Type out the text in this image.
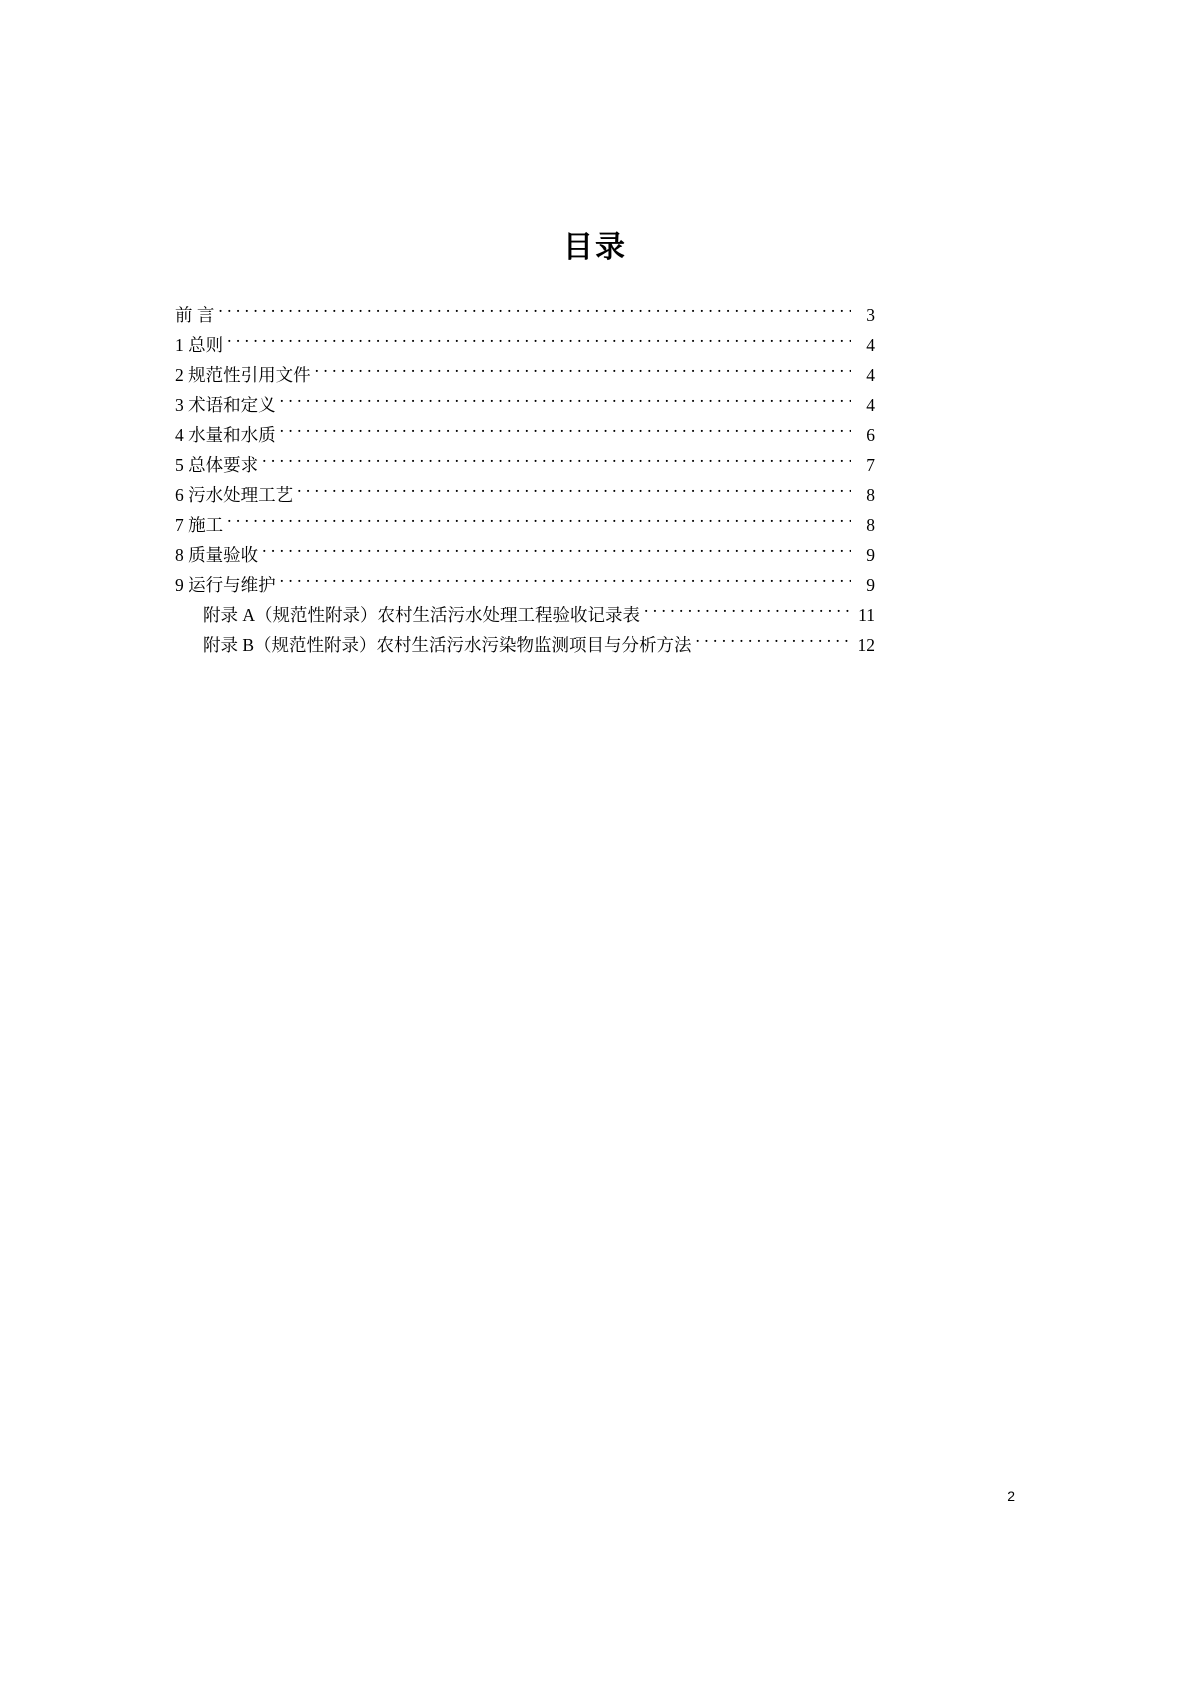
目录
前 言 . . .	3
1 总则 . . .	4
2 规范性引用文件 . . .	4
3 术语和定义 . . .	4
4 水量和水质 . . .	6
5 总体要求 . . .	7
6 污水处理工艺 . . .	8
7 施工 . . .	8
8 质量验收 . . .	9
9 运行与维护 . . .	9
附录 A（规范性附录）农村生活污水处理工程验收记录表 . . .	11
附录 B（规范性附录）农村生活污水污染物监测项目与分析方法 . . .	12
2
